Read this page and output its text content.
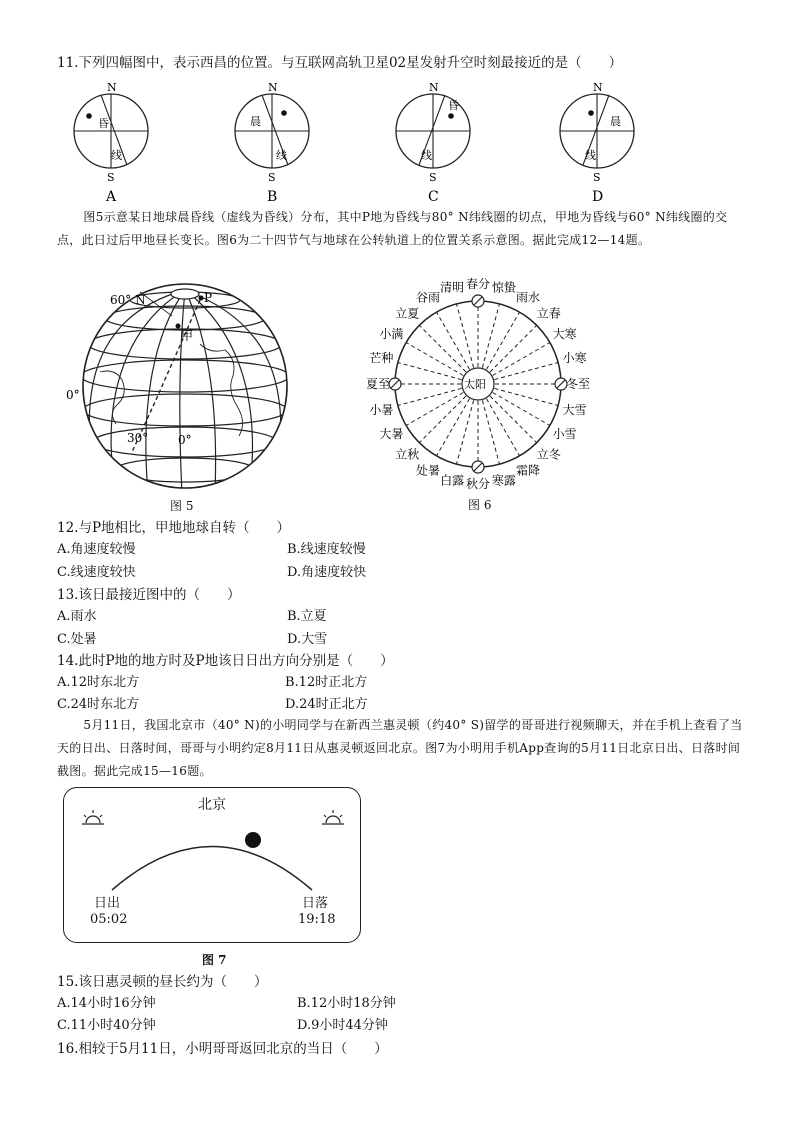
11.下列四幅图中，表示西昌的位置。与互联网高轨卫星02星发射升空时刻最接近的是（　　）
昏
线
N
S
A
晨
线
N
S
B
昏
线
N
S
C
晨
线
N
S
D
图5示意某日地球晨昏线（虚线为昏线）分布，其中P地为昏线与80° N纬线圈的切点，甲地为昏线与60° N纬线圈的交点，此日过后甲地昼长变长。图6为二十四节气与地球在公转轨道上的位置关系示意图。据此完成12—14题。
60° N	P
甲
0°
30° 0°
图 5
太阳
春分 惊蛰
雨水
立春
大寒
小寒
冬至
大雪
小雪
立冬
霜降
寒露
秋分
白露
处暑
立秋
大暑
小暑
夏至
芒种
小满
立夏
谷雨
清明
图 6
12.与P地相比，甲地地球自转（　　）
A.角速度较慢	B.线速度较慢
C.线速度较快	D.角速度较快
13.该日最接近图中的（　　）
A.雨水	B.立夏
C.处暑	D.大雪
14.此时P地的地方时及P地该日日出方向分别是（　　）
A.12时东北方	B.12时正北方
C.24时东北方	D.24时正北方
5月11日，我国北京市（40° N)的小明同学与在新西兰惠灵顿（约40° S)留学的哥哥进行视频聊天，并在手机上查看了当天的日出、日落时间，哥哥与小明约定8月11日从惠灵顿返回北京。图7为小明用手机App查询的5月11日北京日出、日落时间截图。据此完成15—16题。
北京
日出
05:02
日落
19:18
图 7
15.该日惠灵顿的昼长约为（　　）
A.14小时16分钟	B.12小时18分钟
C.11小时40分钟	D.9小时44分钟
16.相较于5月11日，小明哥哥返回北京的当日（　　）
